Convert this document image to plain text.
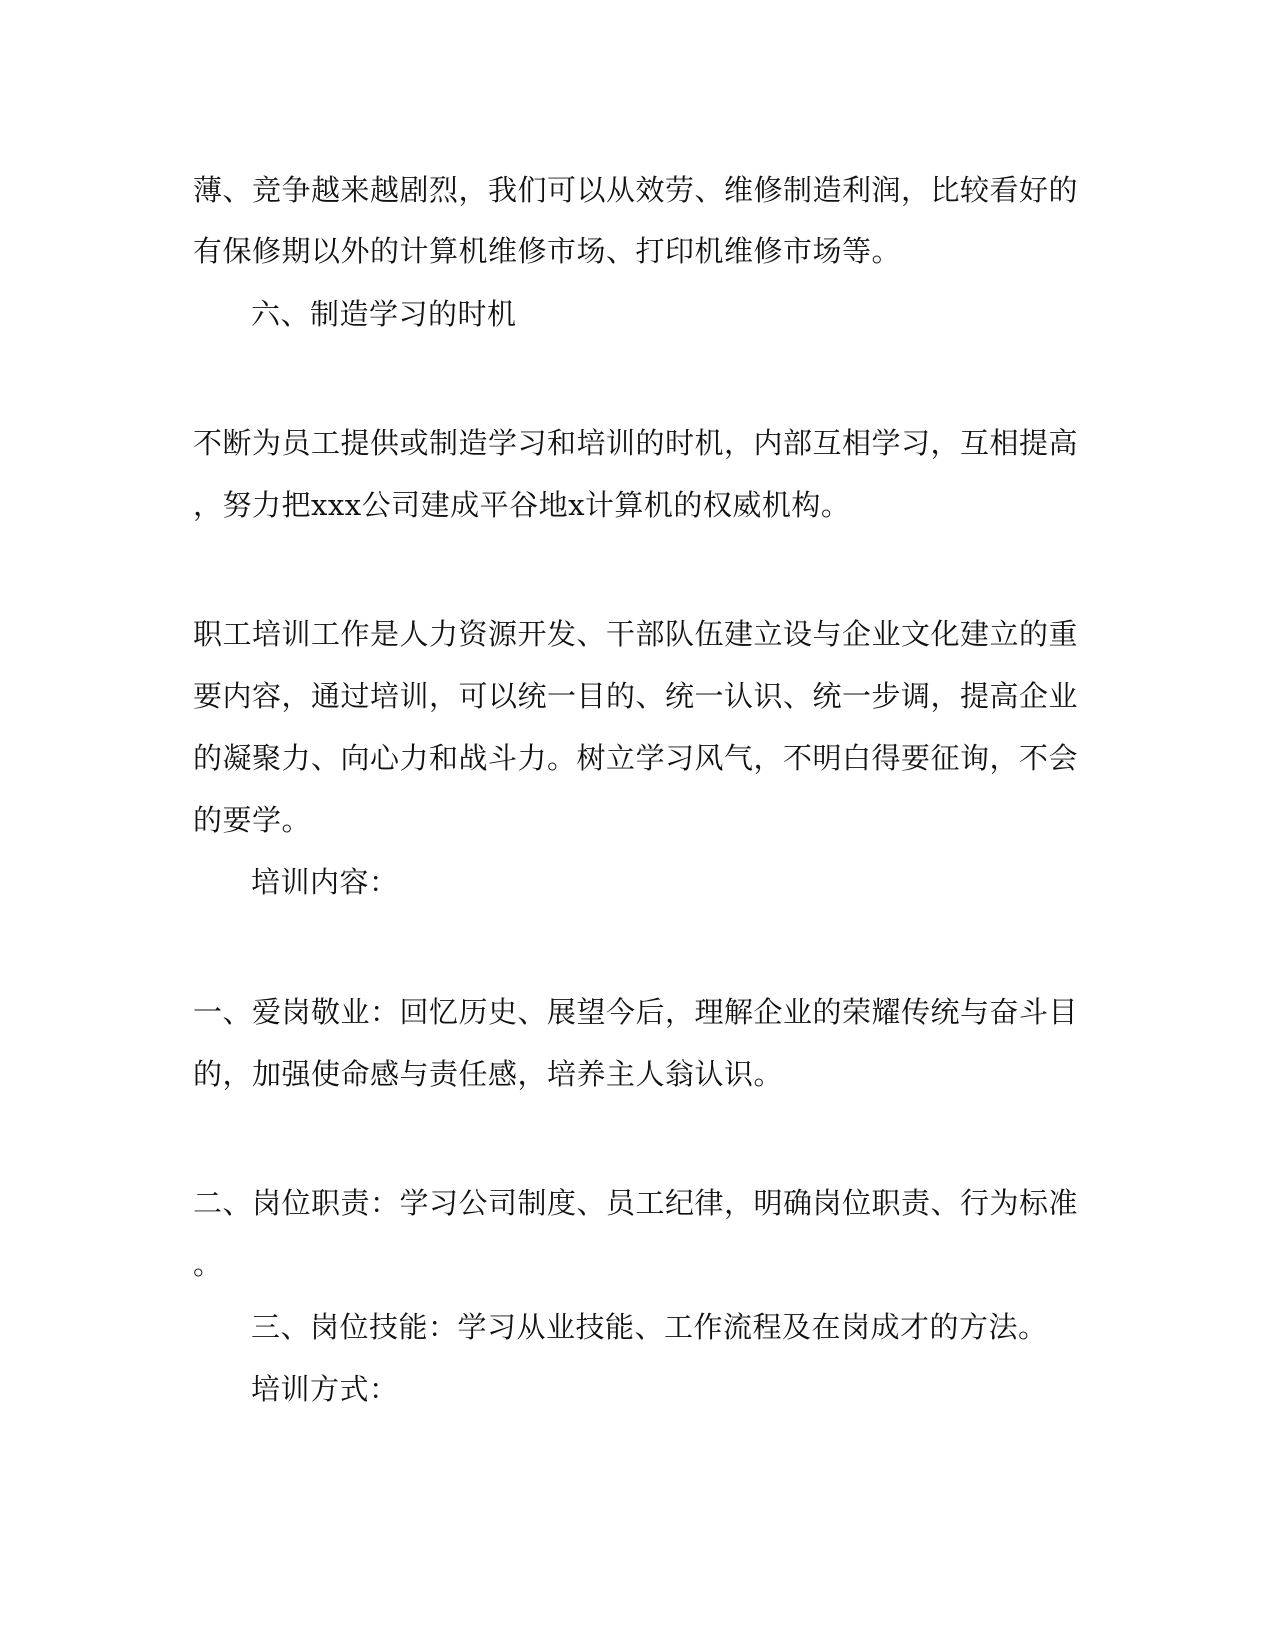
薄、竞争越来越剧烈，我们可以从效劳、维修制造利润，比较看好的

有保修期以外的计算机维修市场、打印机维修市场等。

六、制造学习的时机

不断为员工提供或制造学习和培训的时机，内部互相学习，互相提高

，努力把xxx公司建成平谷地x计算机的权威机构。

职工培训工作是人力资源开发、干部队伍建立设与企业文化建立的重

要内容，通过培训，可以统一目的、统一认识、统一步调，提高企业

的凝聚力、向心力和战斗力。树立学习风气，不明白得要征询，不会

的要学。

培训内容：

一、爱岗敬业：回忆历史、展望今后，理解企业的荣耀传统与奋斗目

的，加强使命感与责任感，培养主人翁认识。

二、岗位职责：学习公司制度、员工纪律，明确岗位职责、行为标准

。

三、岗位技能：学习从业技能、工作流程及在岗成才的方法。

培训方式：
